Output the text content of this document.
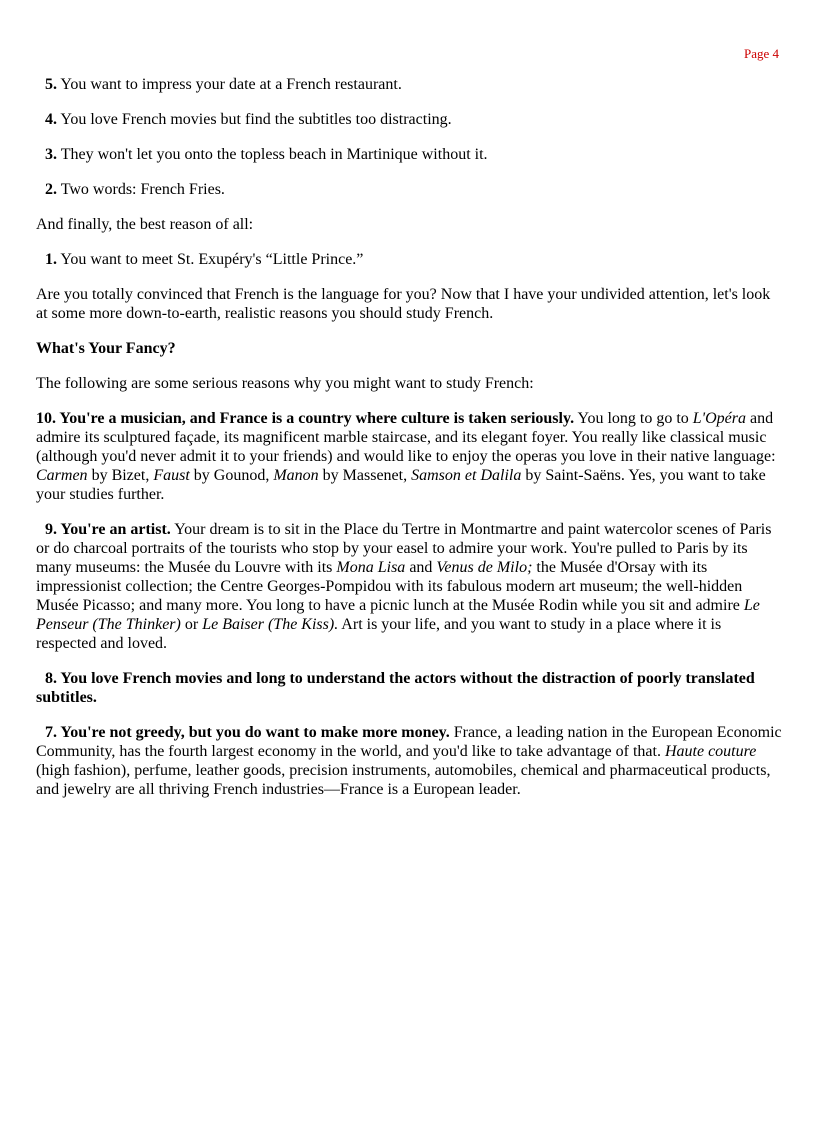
Page 4

5. You want to impress your date at a French restaurant.

4. You love French movies but find the subtitles too distracting.

3. They won't let you onto the topless beach in Martinique without it.

2. Two words: French Fries.

And finally, the best reason of all:

1. You want to meet St. Exupéry's “Little Prince.”

Are you totally convinced that French is the language for you? Now that I have your undivided attention, let's look at some more down-to-earth, realistic reasons you should study French.

What's Your Fancy?

The following are some serious reasons why you might want to study French:

10. You're a musician, and France is a country where culture is taken seriously. You long to go to L'Opéra and admire its sculptured façade, its magnificent marble staircase, and its elegant foyer. You really like classical music (although you'd never admit it to your friends) and would like to enjoy the operas you love in their native language: Carmen by Bizet, Faust by Gounod, Manon by Massenet, Samson et Dalila by Saint-Saëns. Yes, you want to take your studies further.

9. You're an artist. Your dream is to sit in the Place du Tertre in Montmartre and paint watercolor scenes of Paris or do charcoal portraits of the tourists who stop by your easel to admire your work. You're pulled to Paris by its many museums: the Musée du Louvre with its Mona Lisa and Venus de Milo; the Musée d'Orsay with its impressionist collection; the Centre Georges-Pompidou with its fabulous modern art museum; the well-hidden Musée Picasso; and many more. You long to have a picnic lunch at the Musée Rodin while you sit and admire Le Penseur (The Thinker) or Le Baiser (The Kiss). Art is your life, and you want to study in a place where it is respected and loved.

8. You love French movies and long to understand the actors without the distraction of poorly translated subtitles.

7. You're not greedy, but you do want to make more money. France, a leading nation in the European Economic Community, has the fourth largest economy in the world, and you'd like to take advantage of that. Haute couture (high fashion), perfume, leather goods, precision instruments, automobiles, chemical and pharmaceutical products, and jewelry are all thriving French industries—France is a European leader.
